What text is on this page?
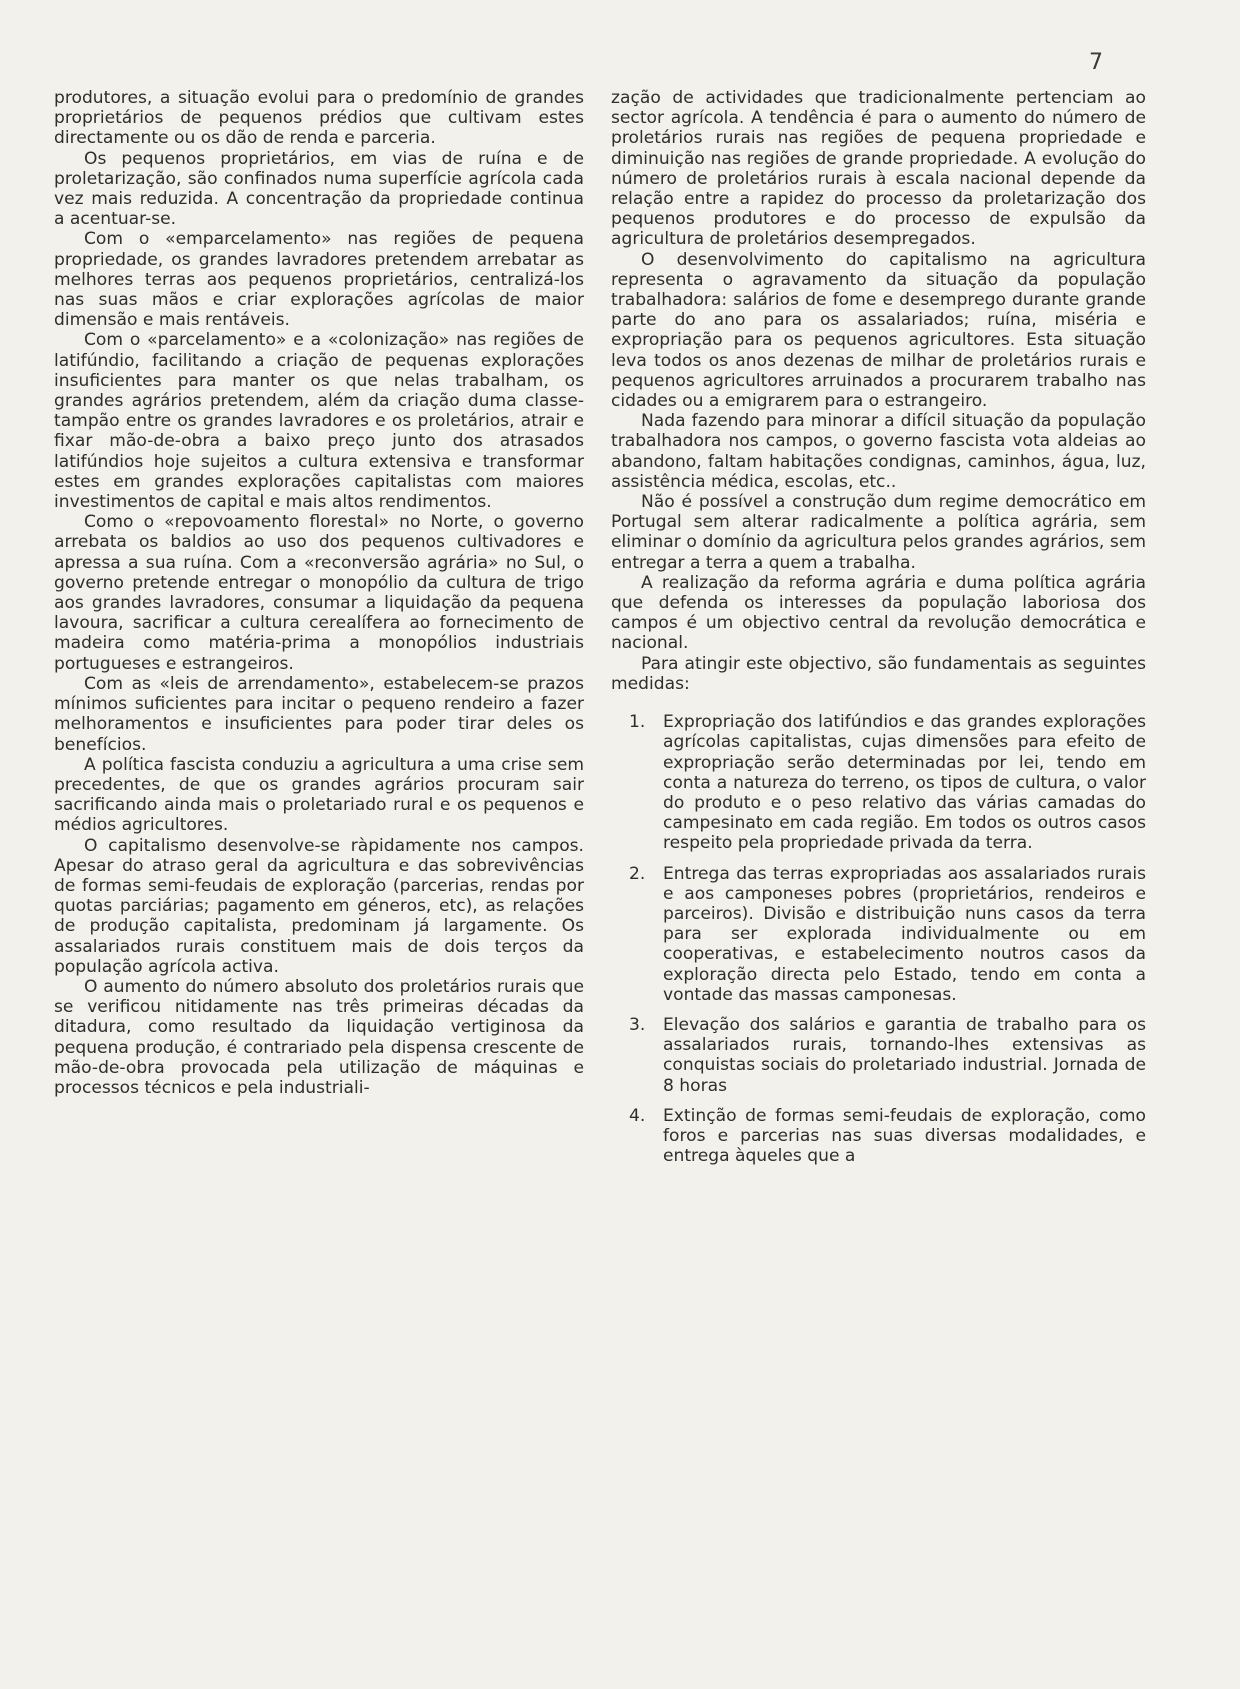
7

produtores, a situação evolui para o predomínio de grandes proprietários de pequenos prédios que cultivam estes directamente ou os dão de renda e parceria.

Os pequenos proprietários, em vias de ruína e de proletarização, são confinados numa superfície agrícola cada vez mais reduzida. A concentração da propriedade continua a acentuar-se.

Com o «emparcelamento» nas regiões de pequena propriedade, os grandes lavradores pretendem arrebatar as melhores terras aos pequenos proprietários, centralizá-los nas suas mãos e criar explorações agrícolas de maior dimensão e mais rentáveis.

Com o «parcelamento» e a «colonização» nas regiões de latifúndio, facilitando a criação de pequenas explorações insuficientes para manter os que nelas trabalham, os grandes agrários pretendem, além da criação duma classe-tampão entre os grandes lavradores e os proletários, atrair e fixar mão-de-obra a baixo preço junto dos atrasados latifúndios hoje sujeitos a cultura extensiva e transformar estes em grandes explorações capitalistas com maiores investimentos de capital e mais altos rendimentos.

Como o «repovoamento florestal» no Norte, o governo arrebata os baldios ao uso dos pequenos cultivadores e apressa a sua ruína. Com a «reconversão agrária» no Sul, o governo pretende entregar o monopólio da cultura de trigo aos grandes lavradores, consumar a liquidação da pequena lavoura, sacrificar a cultura cerealífera ao fornecimento de madeira como matéria-prima a monopólios industriais portugueses e estrangeiros.

Com as «leis de arrendamento», estabelecem-se prazos mínimos suficientes para incitar o pequeno rendeiro a fazer melhoramentos e insuficientes para poder tirar deles os benefícios.

A política fascista conduziu a agricultura a uma crise sem precedentes, de que os grandes agrários procuram sair sacrificando ainda mais o proletariado rural e os pequenos e médios agricultores.

O capitalismo desenvolve-se ràpidamente nos campos. Apesar do atraso geral da agricultura e das sobrevivências de formas semi-feudais de exploração (parcerias, rendas por quotas parciárias; pagamento em géneros, etc), as relações de produção capitalista, predominam já largamente. Os assalariados rurais constituem mais de dois terços da população agrícola activa.

O aumento do número absoluto dos proletários rurais que se verificou nitidamente nas três primeiras décadas da ditadura, como resultado da liquidação vertiginosa da pequena produção, é contrariado pela dispensa crescente de mão-de-obra provocada pela utilização de máquinas e processos técnicos e pela industriali-

zação de actividades que tradicionalmente pertenciam ao sector agrícola. A tendência é para o aumento do número de proletários rurais nas regiões de pequena propriedade e diminuição nas regiões de grande propriedade. A evolução do número de proletários rurais à escala nacional depende da relação entre a rapidez do processo da proletarização dos pequenos produtores e do processo de expulsão da agricultura de proletários desempregados.

O desenvolvimento do capitalismo na agricultura representa o agravamento da situação da população trabalhadora: salários de fome e desemprego durante grande parte do ano para os assalariados; ruína, miséria e expropriação para os pequenos agricultores. Esta situação leva todos os anos dezenas de milhar de proletários rurais e pequenos agricultores arruinados a procurarem trabalho nas cidades ou a emigrarem para o estrangeiro.

Nada fazendo para minorar a difícil situação da população trabalhadora nos campos, o governo fascista vota aldeias ao abandono, faltam habitações condignas, caminhos, água, luz, assistência médica, escolas, etc..

Não é possível a construção dum regime democrático em Portugal sem alterar radicalmente a política agrária, sem eliminar o domínio da agricultura pelos grandes agrários, sem entregar a terra a quem a trabalha.

A realização da reforma agrária e duma política agrária que defenda os interesses da população laboriosa dos campos é um objectivo central da revolução democrática e nacional.

Para atingir este objectivo, são fundamentais as seguintes medidas:

1. Expropriação dos latifúndios e das grandes explorações agrícolas capitalistas, cujas dimensões para efeito de expropriação serão determinadas por lei, tendo em conta a natureza do terreno, os tipos de cultura, o valor do produto e o peso relativo das várias camadas do campesinato em cada região. Em todos os outros casos respeito pela propriedade privada da terra.
2. Entrega das terras expropriadas aos assalariados rurais e aos camponeses pobres (proprietários, rendeiros e parceiros). Divisão e distribuição nuns casos da terra para ser explorada individualmente ou em cooperativas, e estabelecimento noutros casos da exploração directa pelo Estado, tendo em conta a vontade das massas camponesas.
3. Elevação dos salários e garantia de trabalho para os assalariados rurais, tornando-lhes extensivas as conquistas sociais do proletariado industrial. Jornada de 8 horas
4. Extinção de formas semi-feudais de exploração, como foros e parcerias nas suas diversas modalidades, e entrega àqueles que a
